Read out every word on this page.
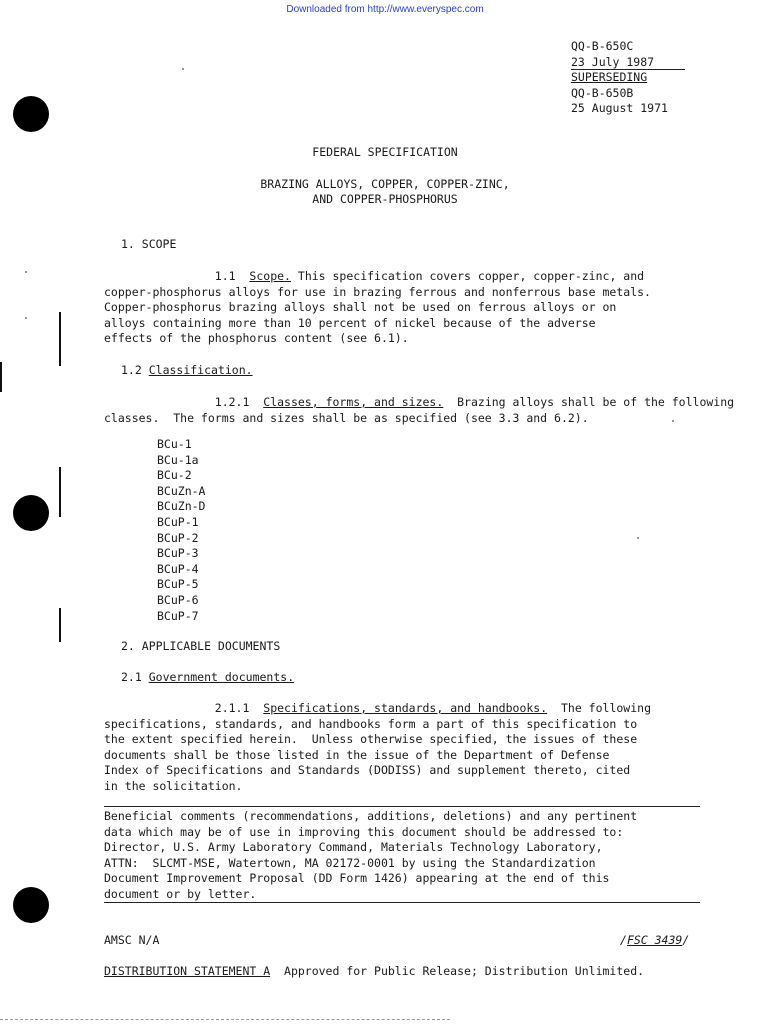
Downloaded from http://www.everyspec.com
QQ-B-650C
23 July 1987
SUPERSEDING
QQ-B-650B
25 August 1971
FEDERAL SPECIFICATION
BRAZING ALLOYS, COPPER, COPPER-ZINC,
AND COPPER-PHOSPHORUS
1. SCOPE

1.1 Scope. This specification covers copper, copper-zinc, and

copper-phosphorus alloys for use in brazing ferrous and nonferrous base metals.

Copper-phosphorus brazing alloys shall not be used on ferrous alloys or on

alloys containing more than 10 percent of nickel because of the adverse

effects of the phosphorus content (see 6.1).

1.2 Classification.

1.2.1 Classes, forms, and sizes.  Brazing alloys shall be of the following

classes.  The forms and sizes shall be as specified (see 3.3 and 6.2).

BCu-1
BCu-1a
BCu-2
BCuZn-A
BCuZn-D
BCuP-1
BCuP-2
BCuP-3
BCuP-4
BCuP-5
BCuP-6
BCuP-7
2. APPLICABLE DOCUMENTS
2.1 Government documents.

2.1.1 Specifications, standards, and handbooks.  The following

specifications, standards, and handbooks form a part of this specification to

the extent specified herein.  Unless otherwise specified, the issues of these

documents shall be those listed in the issue of the Department of Defense

Index of Specifications and Standards (DODISS) and supplement thereto, cited

in the solicitation.

Beneficial comments (recommendations, additions, deletions) and any pertinent

data which may be of use in improving this document should be addressed to:

Director, U.S. Army Laboratory Command, Materials Technology Laboratory,

ATTN:  SLCMT-MSE, Watertown, MA 02172-0001 by using the Standardization

Document Improvement Proposal (DD Form 1426) appearing at the end of this

document or by letter.

AMSC N/A	/FSC 3439/
DISTRIBUTION STATEMENT A  Approved for Public Release; Distribution Unlimited.
